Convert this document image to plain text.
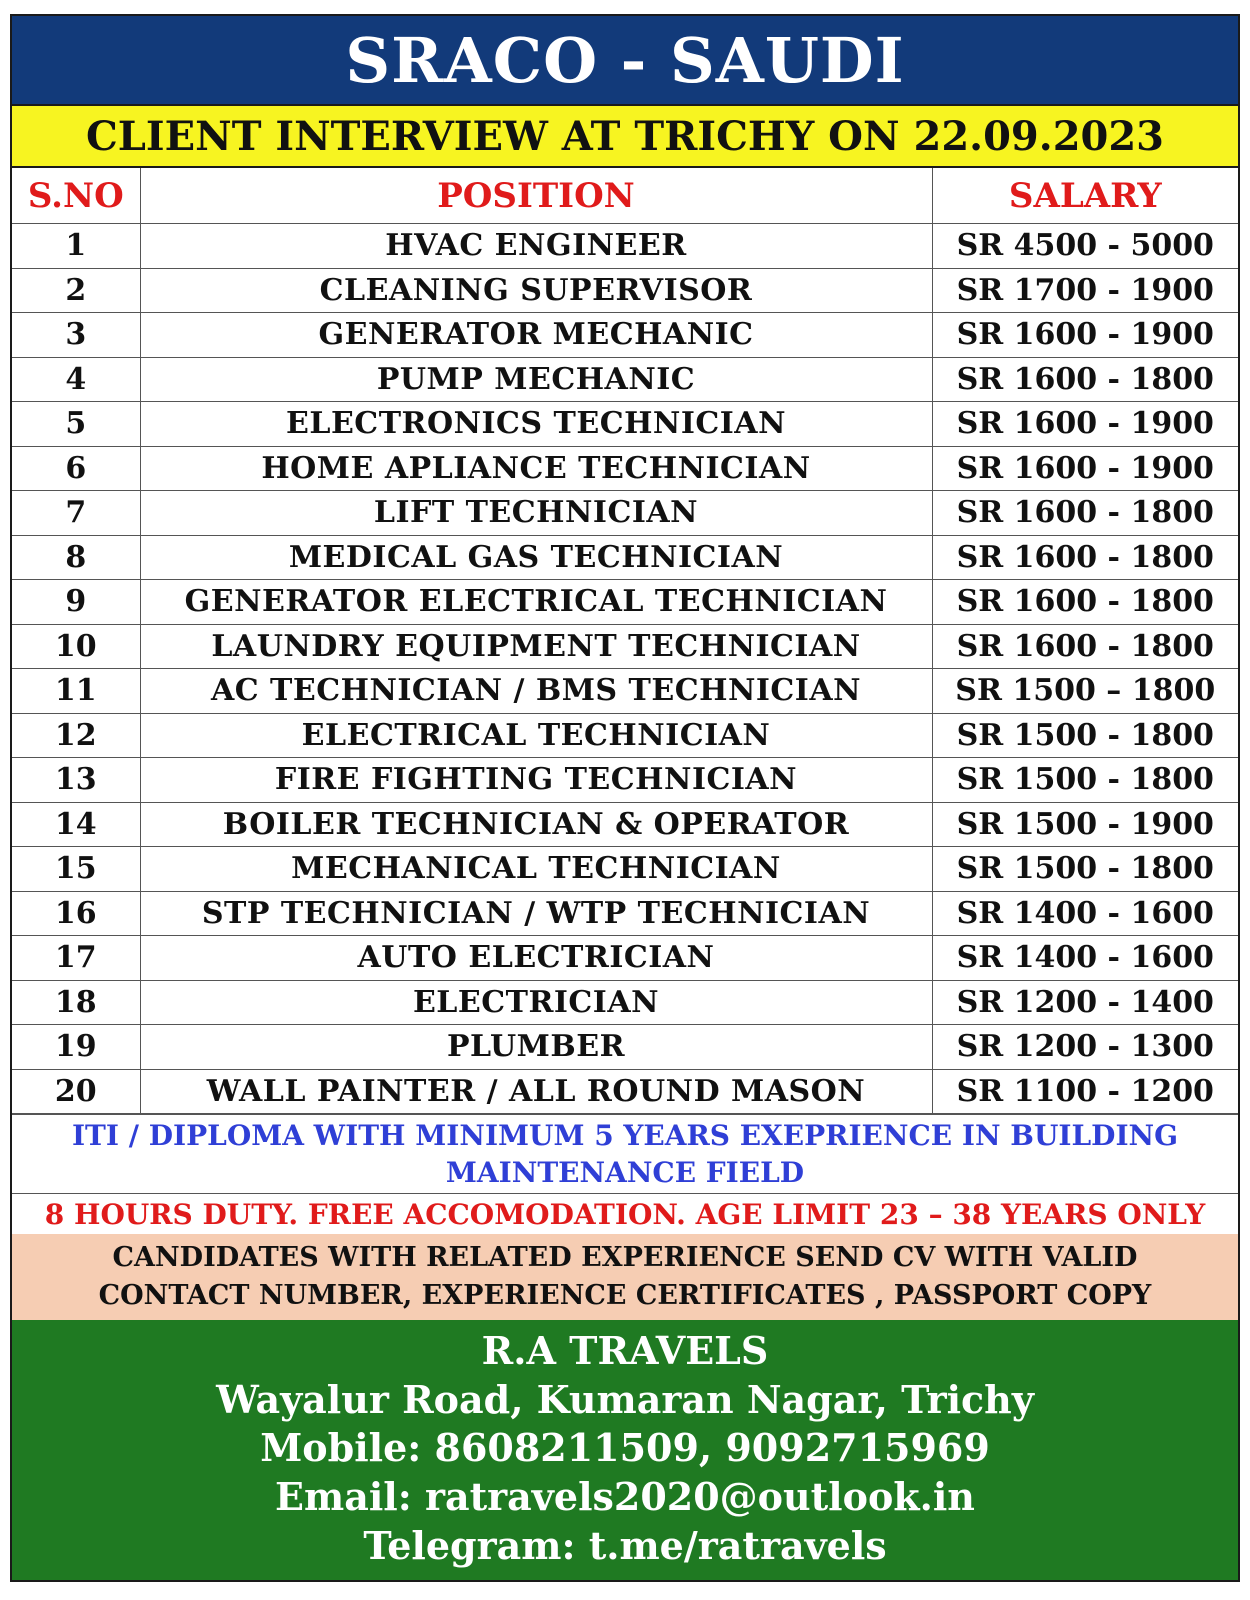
SRACO - SAUDI
CLIENT INTERVIEW AT TRICHY ON 22.09.2023
S.NO	POSITION	SALARY
1	HVAC ENGINEER	SR 4500 - 5000
2	CLEANING SUPERVISOR	SR 1700 - 1900
3	GENERATOR MECHANIC	SR 1600 - 1900
4	PUMP MECHANIC	SR 1600 - 1800
5	ELECTRONICS TECHNICIAN	SR 1600 - 1900
6	HOME APLIANCE TECHNICIAN	SR 1600 - 1900
7	LIFT TECHNICIAN	SR 1600 - 1800
8	MEDICAL GAS TECHNICIAN	SR 1600 - 1800
9	GENERATOR ELECTRICAL TECHNICIAN	SR 1600 - 1800
10	LAUNDRY EQUIPMENT TECHNICIAN	SR 1600 - 1800
11	AC TECHNICIAN / BMS TECHNICIAN	SR 1500 – 1800
12	ELECTRICAL TECHNICIAN	SR 1500 - 1800
13	FIRE FIGHTING TECHNICIAN	SR 1500 - 1800
14	BOILER TECHNICIAN & OPERATOR	SR 1500 - 1900
15	MECHANICAL TECHNICIAN	SR 1500 - 1800
16	STP TECHNICIAN / WTP TECHNICIAN	SR 1400 - 1600
17	AUTO ELECTRICIAN	SR 1400 - 1600
18	ELECTRICIAN	SR 1200 - 1400
19	PLUMBER	SR 1200 - 1300
20	WALL PAINTER / ALL ROUND MASON	SR 1100 - 1200
ITI / DIPLOMA WITH MINIMUM 5 YEARS EXEPRIENCE IN BUILDING MAINTENANCE FIELD
8 HOURS DUTY. FREE ACCOMODATION. AGE LIMIT 23 – 38 YEARS ONLY
CANDIDATES WITH RELATED EXPERIENCE SEND CV WITH VALID CONTACT NUMBER, EXPERIENCE CERTIFICATES , PASSPORT COPY
R.A TRAVELS
Wayalur Road, Kumaran Nagar, Trichy
Mobile: 8608211509, 9092715969
Email: ratravels2020@outlook.in
Telegram: t.me/ratravels
